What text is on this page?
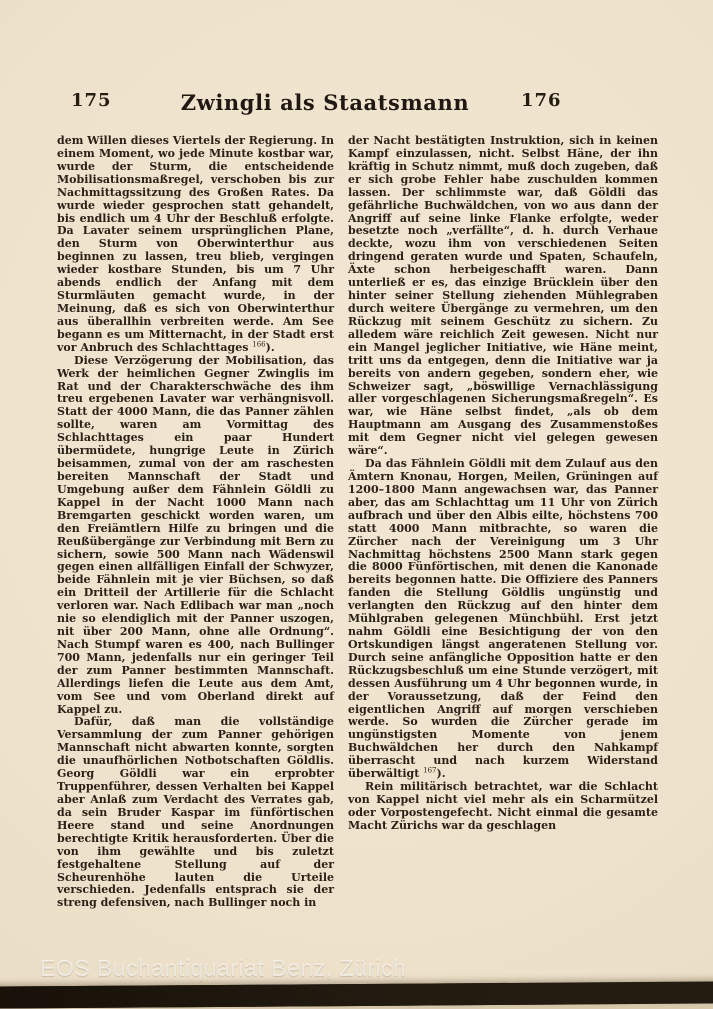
175	Zwingli als Staatsmann	176

dem Willen dieses Viertels der Regierung. In einem Moment, wo jede Minute kostbar war, wurde der Sturm, die entscheidende Mobilisationsmaßregel, verschoben bis zur Nachmittagssitzung des Großen Rates. Da wurde wieder gesprochen statt gehandelt, bis endlich um 4 Uhr der Beschluß erfolgte. Da Lavater seinem ursprünglichen Plane, den Sturm von Oberwinterthur aus beginnen zu lassen, treu blieb, vergingen wieder kostbare Stunden, bis um 7 Uhr abends endlich der Anfang mit dem Sturmläuten gemacht wurde, in der Meinung, daß es sich von Oberwinterthur aus überallhin verbreiten werde. Am See begann es um Mitternacht, in der Stadt erst vor Anbruch des Schlachttages $^{166}$).

Diese Verzögerung der Mobilisation, das Werk der heimlichen Gegner Zwinglis im Rat und der Charakterschwäche des ihm treu ergebenen Lavater war verhängnisvoll. Statt der 4000 Mann, die das Panner zählen sollte, waren am Vormittag des Schlachttages ein paar Hundert übermüdete, hungrige Leute in Zürich beisammen, zumal von der am raschesten bereiten Mannschaft der Stadt und Umgebung außer dem Fähnlein Göldli zu Kappel in der Nacht 1000 Mann nach Bremgarten geschickt worden waren, um den Freiämtlern Hilfe zu bringen und die Reußübergänge zur Verbindung mit Bern zu sichern, sowie 500 Mann nach Wädenswil gegen einen allfälligen Einfall der Schwyzer, beide Fähnlein mit je vier Büchsen, so daß ein Dritteil der Artillerie für die Schlacht verloren war. Nach Edlibach war man „noch nie so elendiglich mit der Panner uszogen, nit über 200 Mann, ohne alle Ordnung“. Nach Stumpf waren es 400, nach Bullinger 700 Mann, jedenfalls nur ein geringer Teil der zum Panner bestimmten Mannschaft. Allerdings liefen die Leute aus dem Amt, vom See und vom Oberland direkt auf Kappel zu.

Dafür, daß man die vollständige Versammlung der zum Panner gehörigen Mannschaft nicht abwarten konnte, sorgten die unaufhörlichen Notbotschaften Göldlis. Georg Göldli war ein erprobter Truppenführer, dessen Verhalten bei Kappel aber Anlaß zum Verdacht des Verrates gab, da sein Bruder Kaspar im fünförtischen Heere stand und seine Anordnungen berechtigte Kritik herausforderten. Über die von ihm gewählte und bis zuletzt festgehaltene Stellung auf der Scheurenhöhe lauten die Urteile verschieden. Jedenfalls entsprach sie der streng defensiven, nach Bullinger noch in

der Nacht bestätigten Instruktion, sich in keinen Kampf einzulassen, nicht. Selbst Häne, der ihn kräftig in Schutz nimmt, muß doch zugeben, daß er sich grobe Fehler habe zuschulden kommen lassen. Der schlimmste war, daß Göldli das gefährliche Buchwäldchen, von wo aus dann der Angriff auf seine linke Flanke erfolgte, weder besetzte noch „verfällte“, d. h. durch Verhaue deckte, wozu ihm von verschiedenen Seiten dringend geraten wurde und Spaten, Schaufeln, Äxte schon herbeigeschafft waren. Dann unterließ er es, das einzige Brücklein über den hinter seiner Stellung ziehenden Mühlegraben durch weitere Übergänge zu vermehren, um den Rückzug mit seinem Geschütz zu sichern. Zu alledem wäre reichlich Zeit gewesen. Nicht nur ein Mangel jeglicher Initiative, wie Häne meint, tritt uns da entgegen, denn die Initiative war ja bereits von andern gegeben, sondern eher, wie Schweizer sagt, „böswillige Vernachlässigung aller vorgeschlagenen Sicherungsmaßregeln“. Es war, wie Häne selbst findet, „als ob dem Hauptmann am Ausgang des Zusammenstoßes mit dem Gegner nicht viel gelegen gewesen wäre“.

Da das Fähnlein Göldli mit dem Zulauf aus den Ämtern Knonau, Horgen, Meilen, Grüningen auf 1200–1800 Mann angewachsen war, das Panner aber, das am Schlachttag um 11 Uhr von Zürich aufbrach und über den Albis eilte, höchstens 700 statt 4000 Mann mitbrachte, so waren die Zürcher nach der Vereinigung um 3 Uhr Nachmittag höchstens 2500 Mann stark gegen die 8000 Fünförtischen, mit denen die Kanonade bereits begonnen hatte. Die Offiziere des Panners fanden die Stellung Göldlis ungünstig und verlangten den Rückzug auf den hinter dem Mühlgraben gelegenen Münchbühl. Erst jetzt nahm Göldli eine Besichtigung der von den Ortskundigen längst angeratenen Stellung vor. Durch seine anfängliche Opposition hatte er den Rückzugsbeschluß um eine Stunde verzögert, mit dessen Ausführung um 4 Uhr begonnen wurde, in der Voraussetzung, daß der Feind den eigentlichen Angriff auf morgen verschieben werde. So wurden die Zürcher gerade im ungünstigsten Momente von jenem Buchwäldchen her durch den Nahkampf überrascht und nach kurzem Widerstand überwältigt $^{167}$).

Rein militärisch betrachtet, war die Schlacht von Kappel nicht viel mehr als ein Scharmützel oder Vorpostengefecht. Nicht einmal die gesamte Macht Zürichs war da geschlagen

EOS Buchantiquariat Benz, Zürich
